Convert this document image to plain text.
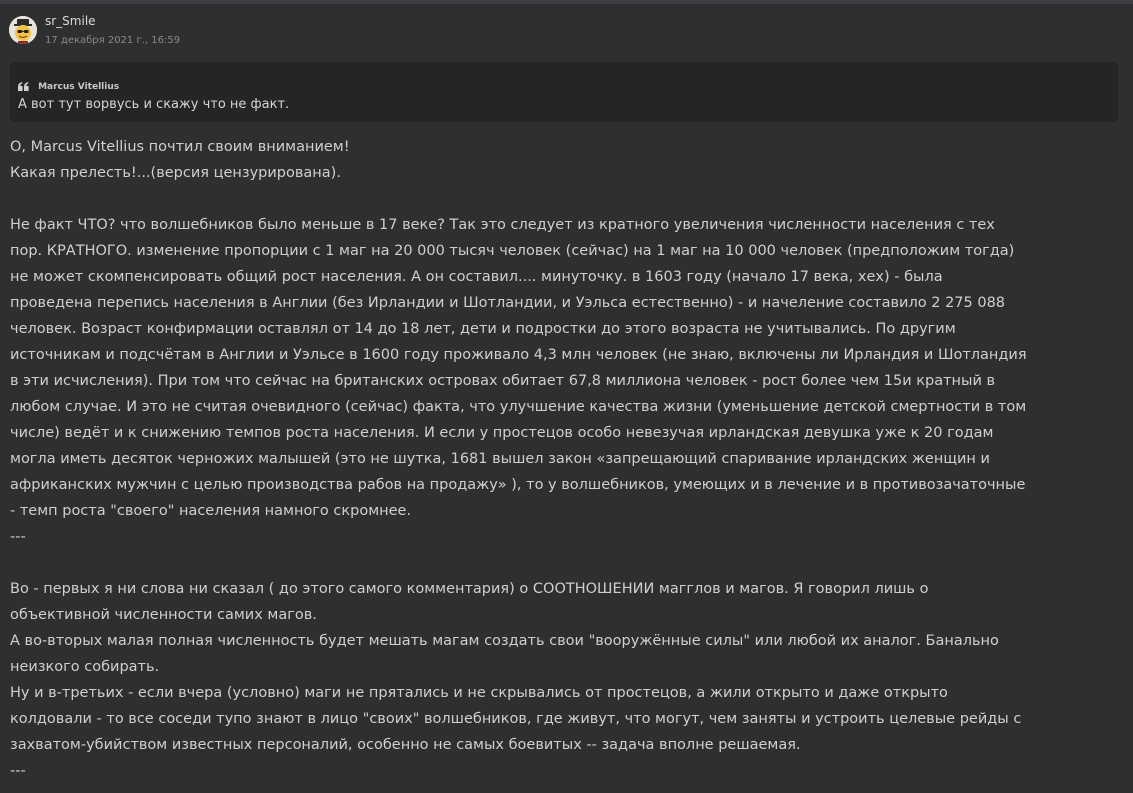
sr_Smile
17 декабря 2021 г., 16:59
Marcus Vitellius
А вот тут ворвусь и скажу что не факт.

О, Marcus Vitellius почтил своим вниманием!
Какая прелесть!...(версия цензурирована).

Не факт ЧТО? что волшебников было меньше в 17 веке? Так это следует из кратного увеличения численности населения с тех
пор. КРАТНОГО. изменение пропорции с 1 маг на 20 000 тысяч человек (сейчас) на 1 маг на 10 000 человек (предположим тогда)
не может скомпенсировать общий рост населения. А он составил.... минуточку. в 1603 году (начало 17 века, хех) - была
проведена перепись населения в Англии (без Ирландии и Шотландии, и Уэльса естественно) - и начеление составило 2 275 088
человек. Возраст конфирмации оставлял от 14 до 18 лет, дети и подростки до этого возраста не учитывались. По другим
источникам и подсчётам в Англии и Уэльсе в 1600 году проживало 4,3 млн человек (не знаю, включены ли Ирландия и Шотландия
в эти исчисления). При том что сейчас на британских островах обитает 67,8 миллиона человек - рост более чем 15и кратный в
любом случае. И это не считая очевидного (сейчас) факта, что улучшение качества жизни (уменьшение детской смертности в том
числе) ведёт и к снижению темпов роста населения. И если у простецов особо невезучая ирландская девушка уже к 20 годам
могла иметь десяток черножих малышей (это не шутка, 1681 вышел закон «запрещающий спаривание ирландских женщин и
африканских мужчин с целью производства рабов на продажу» ), то у волшебников, умеющих и в лечение и в противозачаточные
- темп роста "своего" населения намного скромнее.
---

Во - первых я ни слова ни сказал ( до этого самого комментария) о СООТНОШЕНИИ магглов и магов. Я говорил лишь о
объективной численности самих магов.
А во-вторых малая полная численность будет мешать магам создать свои "вооружённые силы" или любой их аналог. Банально
неизкого собирать.
Ну и в-третьих - если вчера (условно) маги не прятались и не скрывались от простецов, а жили открыто и даже открыто
колдовали - то все соседи тупо знают в лицо "своих" волшебников, где живут, что могут, чем заняты и устроить целевые рейды с
захватом-убийством известных персоналий, особенно не самых боевитых -- задача вполне решаемая.
---
